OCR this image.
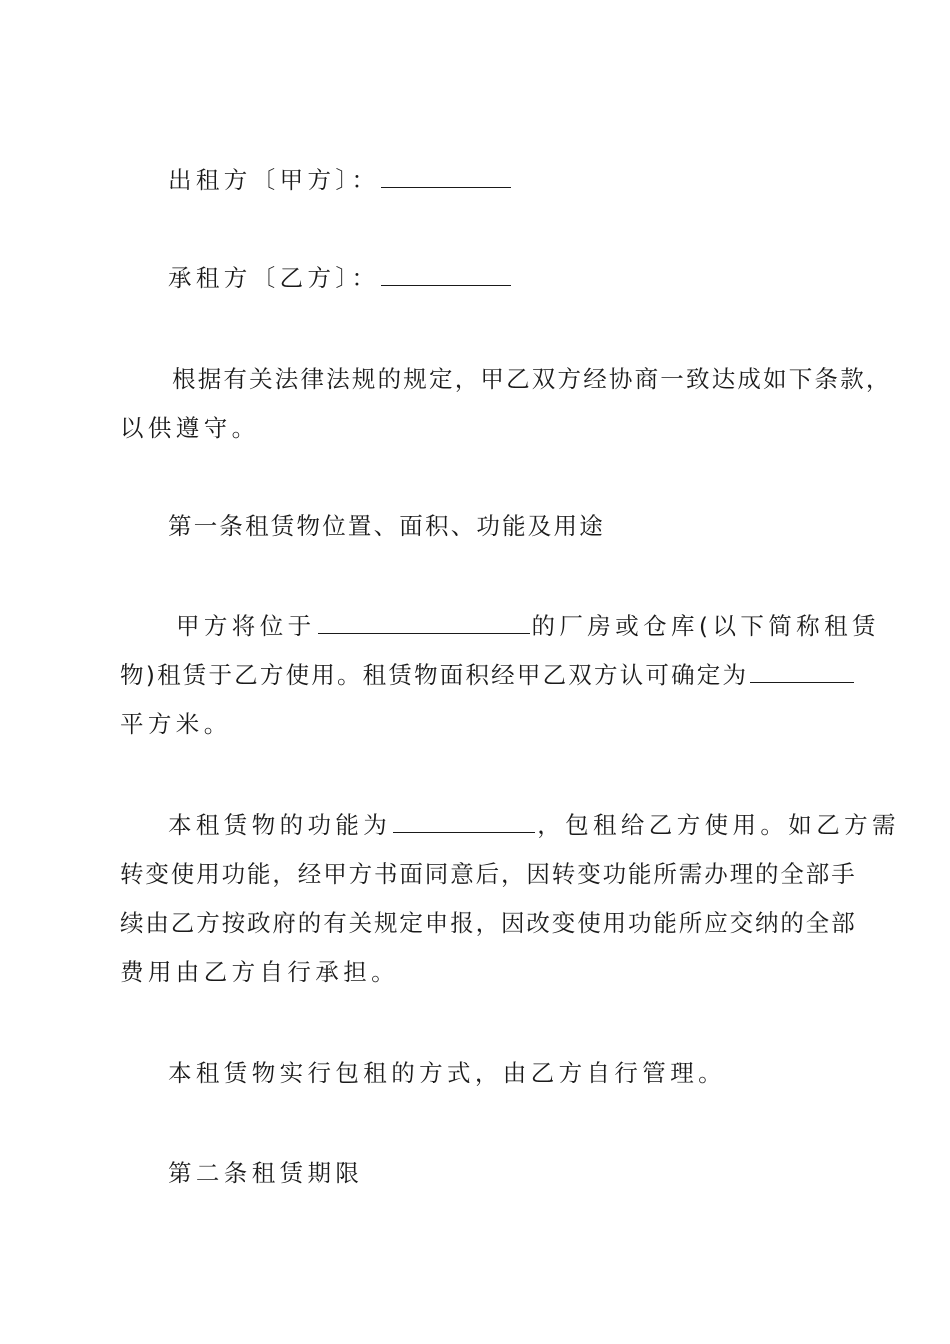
出租方〔甲方〕：
承租方〔乙方〕：
根据有关法律法规的规定，甲乙双方经协商一致达成如下条款，
以供遵守。
第一条租赁物位置、面积、功能及用途
甲方将位于	的厂房或仓库(以下简称租赁
物)租赁于乙方使用。租赁物面积经甲乙双方认可确定为
平方米。
本租赁物的功能为	，包租给乙方使用。如乙方需
转变使用功能，经甲方书面同意后，因转变功能所需办理的全部手
续由乙方按政府的有关规定申报，因改变使用功能所应交纳的全部
费用由乙方自行承担。
本租赁物实行包租的方式，由乙方自行管理。
第二条租赁期限
